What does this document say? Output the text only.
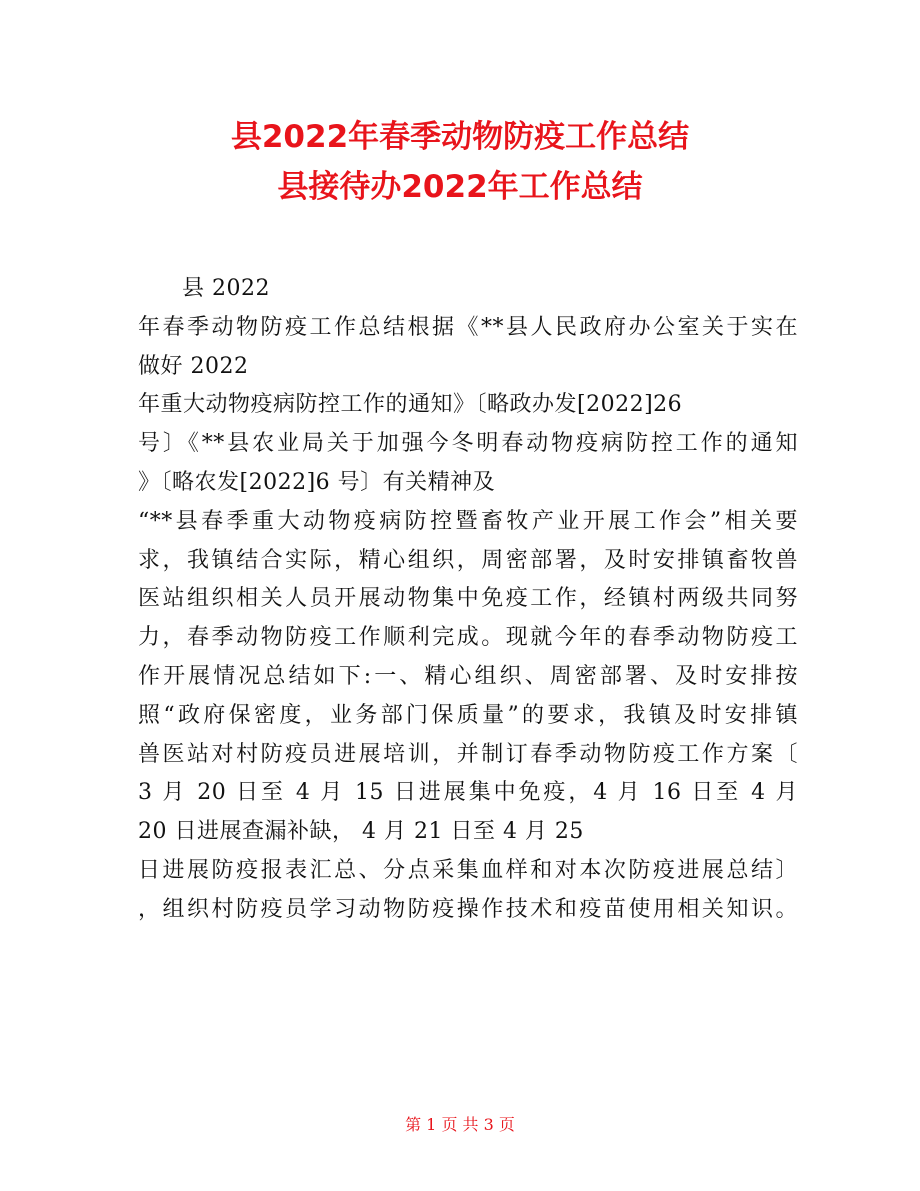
县2022年春季动物防疫工作总结
县接待办2022年工作总结
县 2022
年春季动物防疫工作总结根据《**县人民政府办公室关于实在
做好 2022
年重大动物疫病防控工作的通知》〔略政办发[2022]26
号〕《**县农业局关于加强今冬明春动物疫病防控工作的通知
》〔略农发[2022]6 号〕有关精神及
“**县春季重大动物疫病防控暨畜牧产业开展工作会”相关要
求，我镇结合实际，精心组织，周密部署，及时安排镇畜牧兽
医站组织相关人员开展动物集中免疫工作，经镇村两级共同努
力，春季动物防疫工作顺利完成。现就今年的春季动物防疫工
作开展情况总结如下:一、精心组织、周密部署、及时安排按
照“政府保密度，业务部门保质量”的要求，我镇及时安排镇
兽医站对村防疫员进展培训，并制订春季动物防疫工作方案〔
3 月 20 日至 4 月 15 日进展集中免疫，4 月 16 日至 4 月
20 日进展查漏补缺， 4 月 21 日至 4 月 25
日进展防疫报表汇总、分点采集血样和对本次防疫进展总结〕
，组织村防疫员学习动物防疫操作技术和疫苗使用相关知识。
第 1 页 共 3 页
